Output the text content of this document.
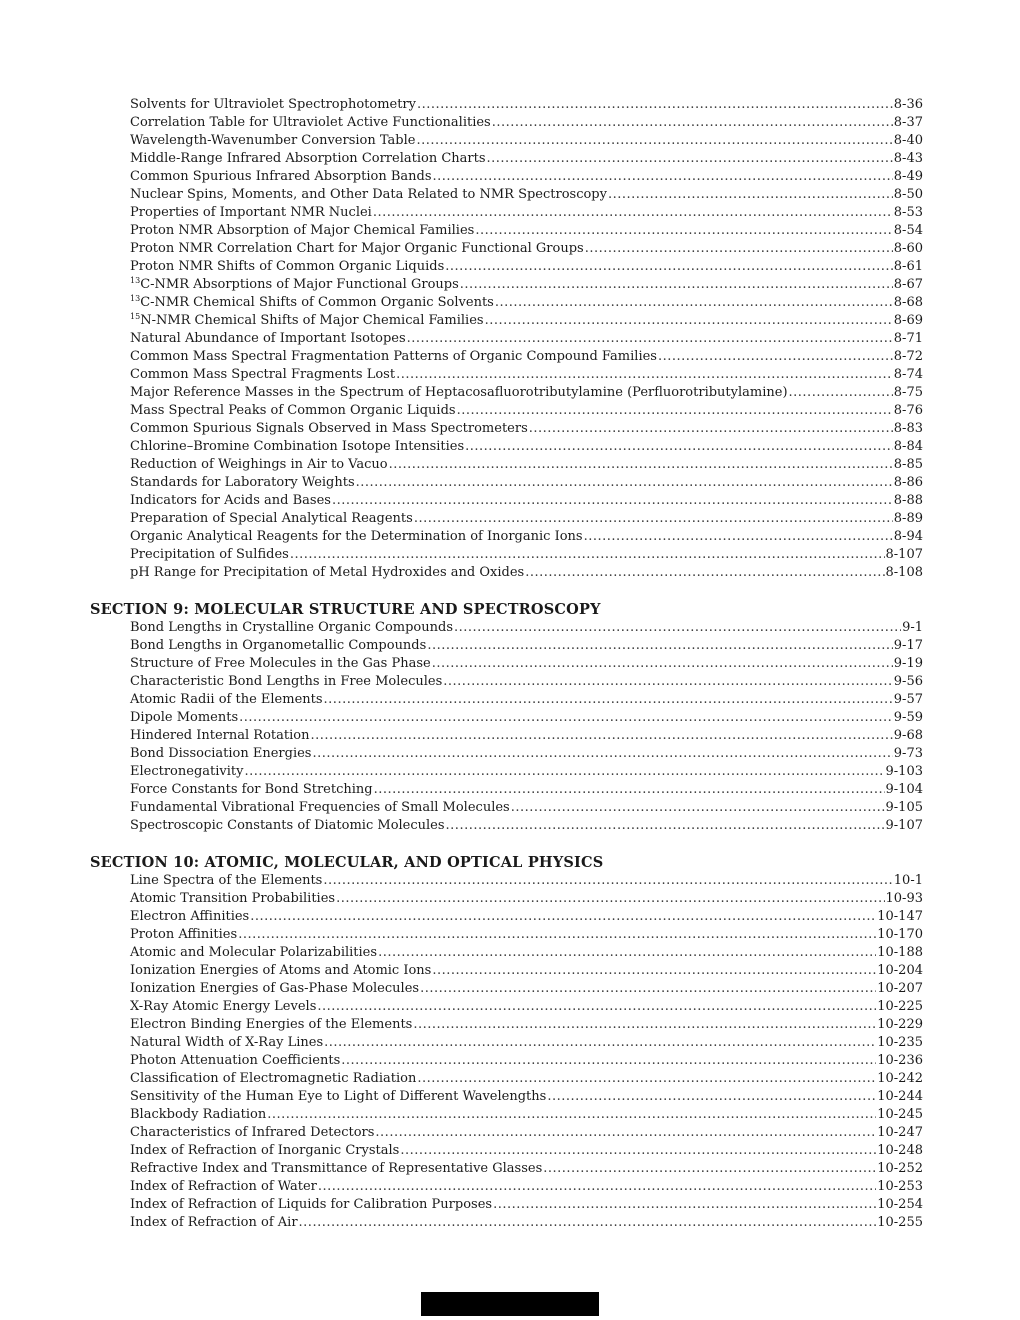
Solvents for Ultraviolet Spectrophotometry .....	8-36
Correlation Table for Ultraviolet Active Functionalities .....	8-37
Wavelength-Wavenumber Conversion Table .....	8-40
Middle-Range Infrared Absorption Correlation Charts .....	8-43
Common Spurious Infrared Absorption Bands .....	8-49
Nuclear Spins, Moments, and Other Data Related to NMR Spectroscopy .....	8-50
Properties of Important NMR Nuclei .....	8-53
Proton NMR Absorption of Major Chemical Families .....	8-54
Proton NMR Correlation Chart for Major Organic Functional Groups .....	8-60
Proton NMR Shifts of Common Organic Liquids .....	8-61
$^{13}$C-NMR Absorptions of Major Functional Groups .....	8-67
$^{13}$C-NMR Chemical Shifts of Common Organic Solvents .....	8-68
$^{15}$N-NMR Chemical Shifts of Major Chemical Families .....	8-69
Natural Abundance of Important Isotopes .....	8-71
Common Mass Spectral Fragmentation Patterns of Organic Compound Families .....	8-72
Common Mass Spectral Fragments Lost .....	8-74
Major Reference Masses in the Spectrum of Heptacosafluorotributylamine (Perfluorotributylamine) .....	8-75
Mass Spectral Peaks of Common Organic Liquids .....	8-76
Common Spurious Signals Observed in Mass Spectrometers .....	8-83
Chlorine–Bromine Combination Isotope Intensities .....	8-84
Reduction of Weighings in Air to Vacuo .....	8-85
Standards for Laboratory Weights .....	8-86
Indicators for Acids and Bases .....	8-88
Preparation of Special Analytical Reagents .....	8-89
Organic Analytical Reagents for the Determination of Inorganic Ions .....	8-94
Precipitation of Sulfides .....	8-107
pH Range for Precipitation of Metal Hydroxides and Oxides .....	8-108
SECTION 9: MOLECULAR STRUCTURE AND SPECTROSCOPY
Bond Lengths in Crystalline Organic Compounds .....	9-1
Bond Lengths in Organometallic Compounds .....	9-17
Structure of Free Molecules in the Gas Phase .....	9-19
Characteristic Bond Lengths in Free Molecules .....	9-56
Atomic Radii of the Elements .....	9-57
Dipole Moments .....	9-59
Hindered Internal Rotation .....	9-68
Bond Dissociation Energies .....	9-73
Electronegativity .....	9-103
Force Constants for Bond Stretching .....	9-104
Fundamental Vibrational Frequencies of Small Molecules .....	9-105
Spectroscopic Constants of Diatomic Molecules .....	9-107
SECTION 10: ATOMIC, MOLECULAR, AND OPTICAL PHYSICS
Line Spectra of the Elements .....	10-1
Atomic Transition Probabilities .....	10-93
Electron Affinities .....	10-147
Proton Affinities .....	10-170
Atomic and Molecular Polarizabilities .....	10-188
Ionization Energies of Atoms and Atomic Ions .....	10-204
Ionization Energies of Gas-Phase Molecules .....	10-207
X-Ray Atomic Energy Levels .....	10-225
Electron Binding Energies of the Elements .....	10-229
Natural Width of X-Ray Lines .....	10-235
Photon Attenuation Coefficients .....	10-236
Classification of Electromagnetic Radiation .....	10-242
Sensitivity of the Human Eye to Light of Different Wavelengths .....	10-244
Blackbody Radiation .....	10-245
Characteristics of Infrared Detectors .....	10-247
Index of Refraction of Inorganic Crystals .....	10-248
Refractive Index and Transmittance of Representative Glasses .....	10-252
Index of Refraction of Water .....	10-253
Index of Refraction of Liquids for Calibration Purposes .....	10-254
Index of Refraction of Air .....	10-255
